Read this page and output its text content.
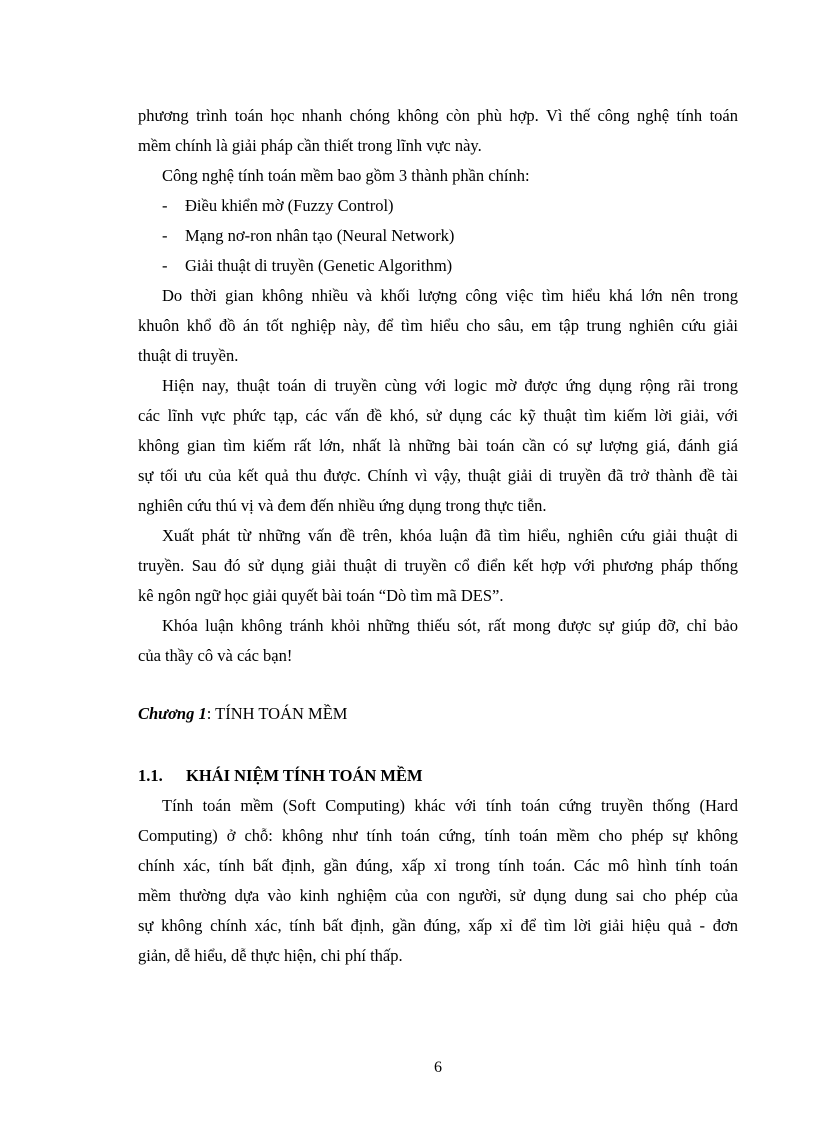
phương trình toán học nhanh chóng không còn phù hợp. Vì thế công nghệ tính toán
mềm chính là giải pháp cần thiết trong lĩnh vực này.
Công nghệ tính toán mềm bao gồm 3 thành phần chính:
- Điều khiển mờ (Fuzzy Control)
- Mạng nơ-ron nhân tạo (Neural Network)
- Giải thuật di truyền (Genetic Algorithm)
Do thời gian không nhiều và khối lượng công việc tìm hiểu khá lớn nên trong
khuôn khổ đồ án tốt nghiệp này, để tìm hiểu cho sâu, em tập trung nghiên cứu giải
thuật di truyền.
Hiện nay, thuật toán di truyền cùng với logic mờ được ứng dụng rộng rãi trong
các lĩnh vực phức tạp, các vấn đề khó, sử dụng các kỹ thuật tìm kiếm lời giải, với
không gian tìm kiếm rất lớn, nhất là những bài toán cần có sự lượng giá, đánh giá
sự tối ưu của kết quả thu được. Chính vì vậy, thuật giải di truyền đã trở thành đề tài
nghiên cứu thú vị và đem đến nhiều ứng dụng trong thực tiễn.
Xuất phát từ những vấn đề trên, khóa luận đã tìm hiểu, nghiên cứu giải thuật di
truyền. Sau đó sử dụng giải thuật di truyền cổ điển kết hợp với phương pháp thống
kê ngôn ngữ học giải quyết bài toán “Dò tìm mã DES”.
Khóa luận không tránh khỏi những thiếu sót, rất mong được sự giúp đỡ, chỉ bảo
của thầy cô và các bạn!
Chương 1: TÍNH TOÁN MỀM
1.1. KHÁI NIỆM TÍNH TOÁN MỀM
Tính toán mềm (Soft Computing) khác với tính toán cứng truyền thống (Hard
Computing) ở chỗ: không như tính toán cứng, tính toán mềm cho phép sự không
chính xác, tính bất định, gần đúng, xấp xỉ trong tính toán. Các mô hình tính toán
mềm thường dựa vào kinh nghiệm của con người, sử dụng dung sai cho phép của
sự không chính xác, tính bất định, gần đúng, xấp xỉ để tìm lời giải hiệu quả - đơn
giản, dễ hiểu, dễ thực hiện, chi phí thấp.
6
